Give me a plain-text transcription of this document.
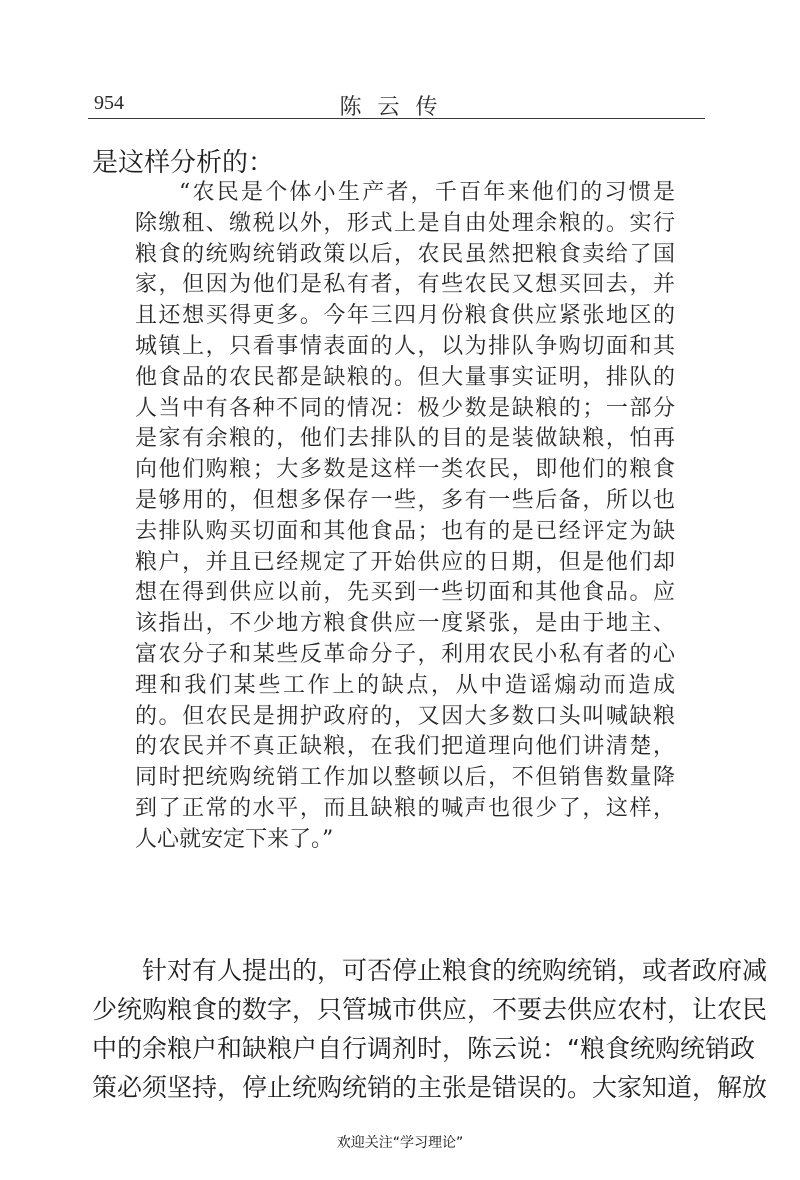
954	陈云传
是这样分析的：
“农民是个体小生产者，千百年来他们的习惯是
除缴租、缴税以外，形式上是自由处理余粮的。实行
粮食的统购统销政策以后，农民虽然把粮食卖给了国
家，但因为他们是私有者，有些农民又想买回去，并
且还想买得更多。今年三四月份粮食供应紧张地区的
城镇上，只看事情表面的人，以为排队争购切面和其
他食品的农民都是缺粮的。但大量事实证明，排队的
人当中有各种不同的情况：极少数是缺粮的；一部分
是家有余粮的，他们去排队的目的是装做缺粮，怕再
向他们购粮；大多数是这样一类农民，即他们的粮食
是够用的，但想多保存一些，多有一些后备，所以也
去排队购买切面和其他食品；也有的是已经评定为缺
粮户，并且已经规定了开始供应的日期，但是他们却
想在得到供应以前，先买到一些切面和其他食品。应
该指出，不少地方粮食供应一度紧张，是由于地主、
富农分子和某些反革命分子，利用农民小私有者的心
理和我们某些工作上的缺点，从中造谣煽动而造成
的。但农民是拥护政府的，又因大多数口头叫喊缺粮
的农民并不真正缺粮，在我们把道理向他们讲清楚，
同时把统购统销工作加以整顿以后，不但销售数量降
到了正常的水平，而且缺粮的喊声也很少了，这样，
人心就安定下来了。”
针对有人提出的，可否停止粮食的统购统销，或者政府减
少统购粮食的数字，只管城市供应，不要去供应农村，让农民
中的余粮户和缺粮户自行调剂时，陈云说：“粮食统购统销政
策必须坚持，停止统购统销的主张是错误的。大家知道，解放
欢迎关注“学习理论”
